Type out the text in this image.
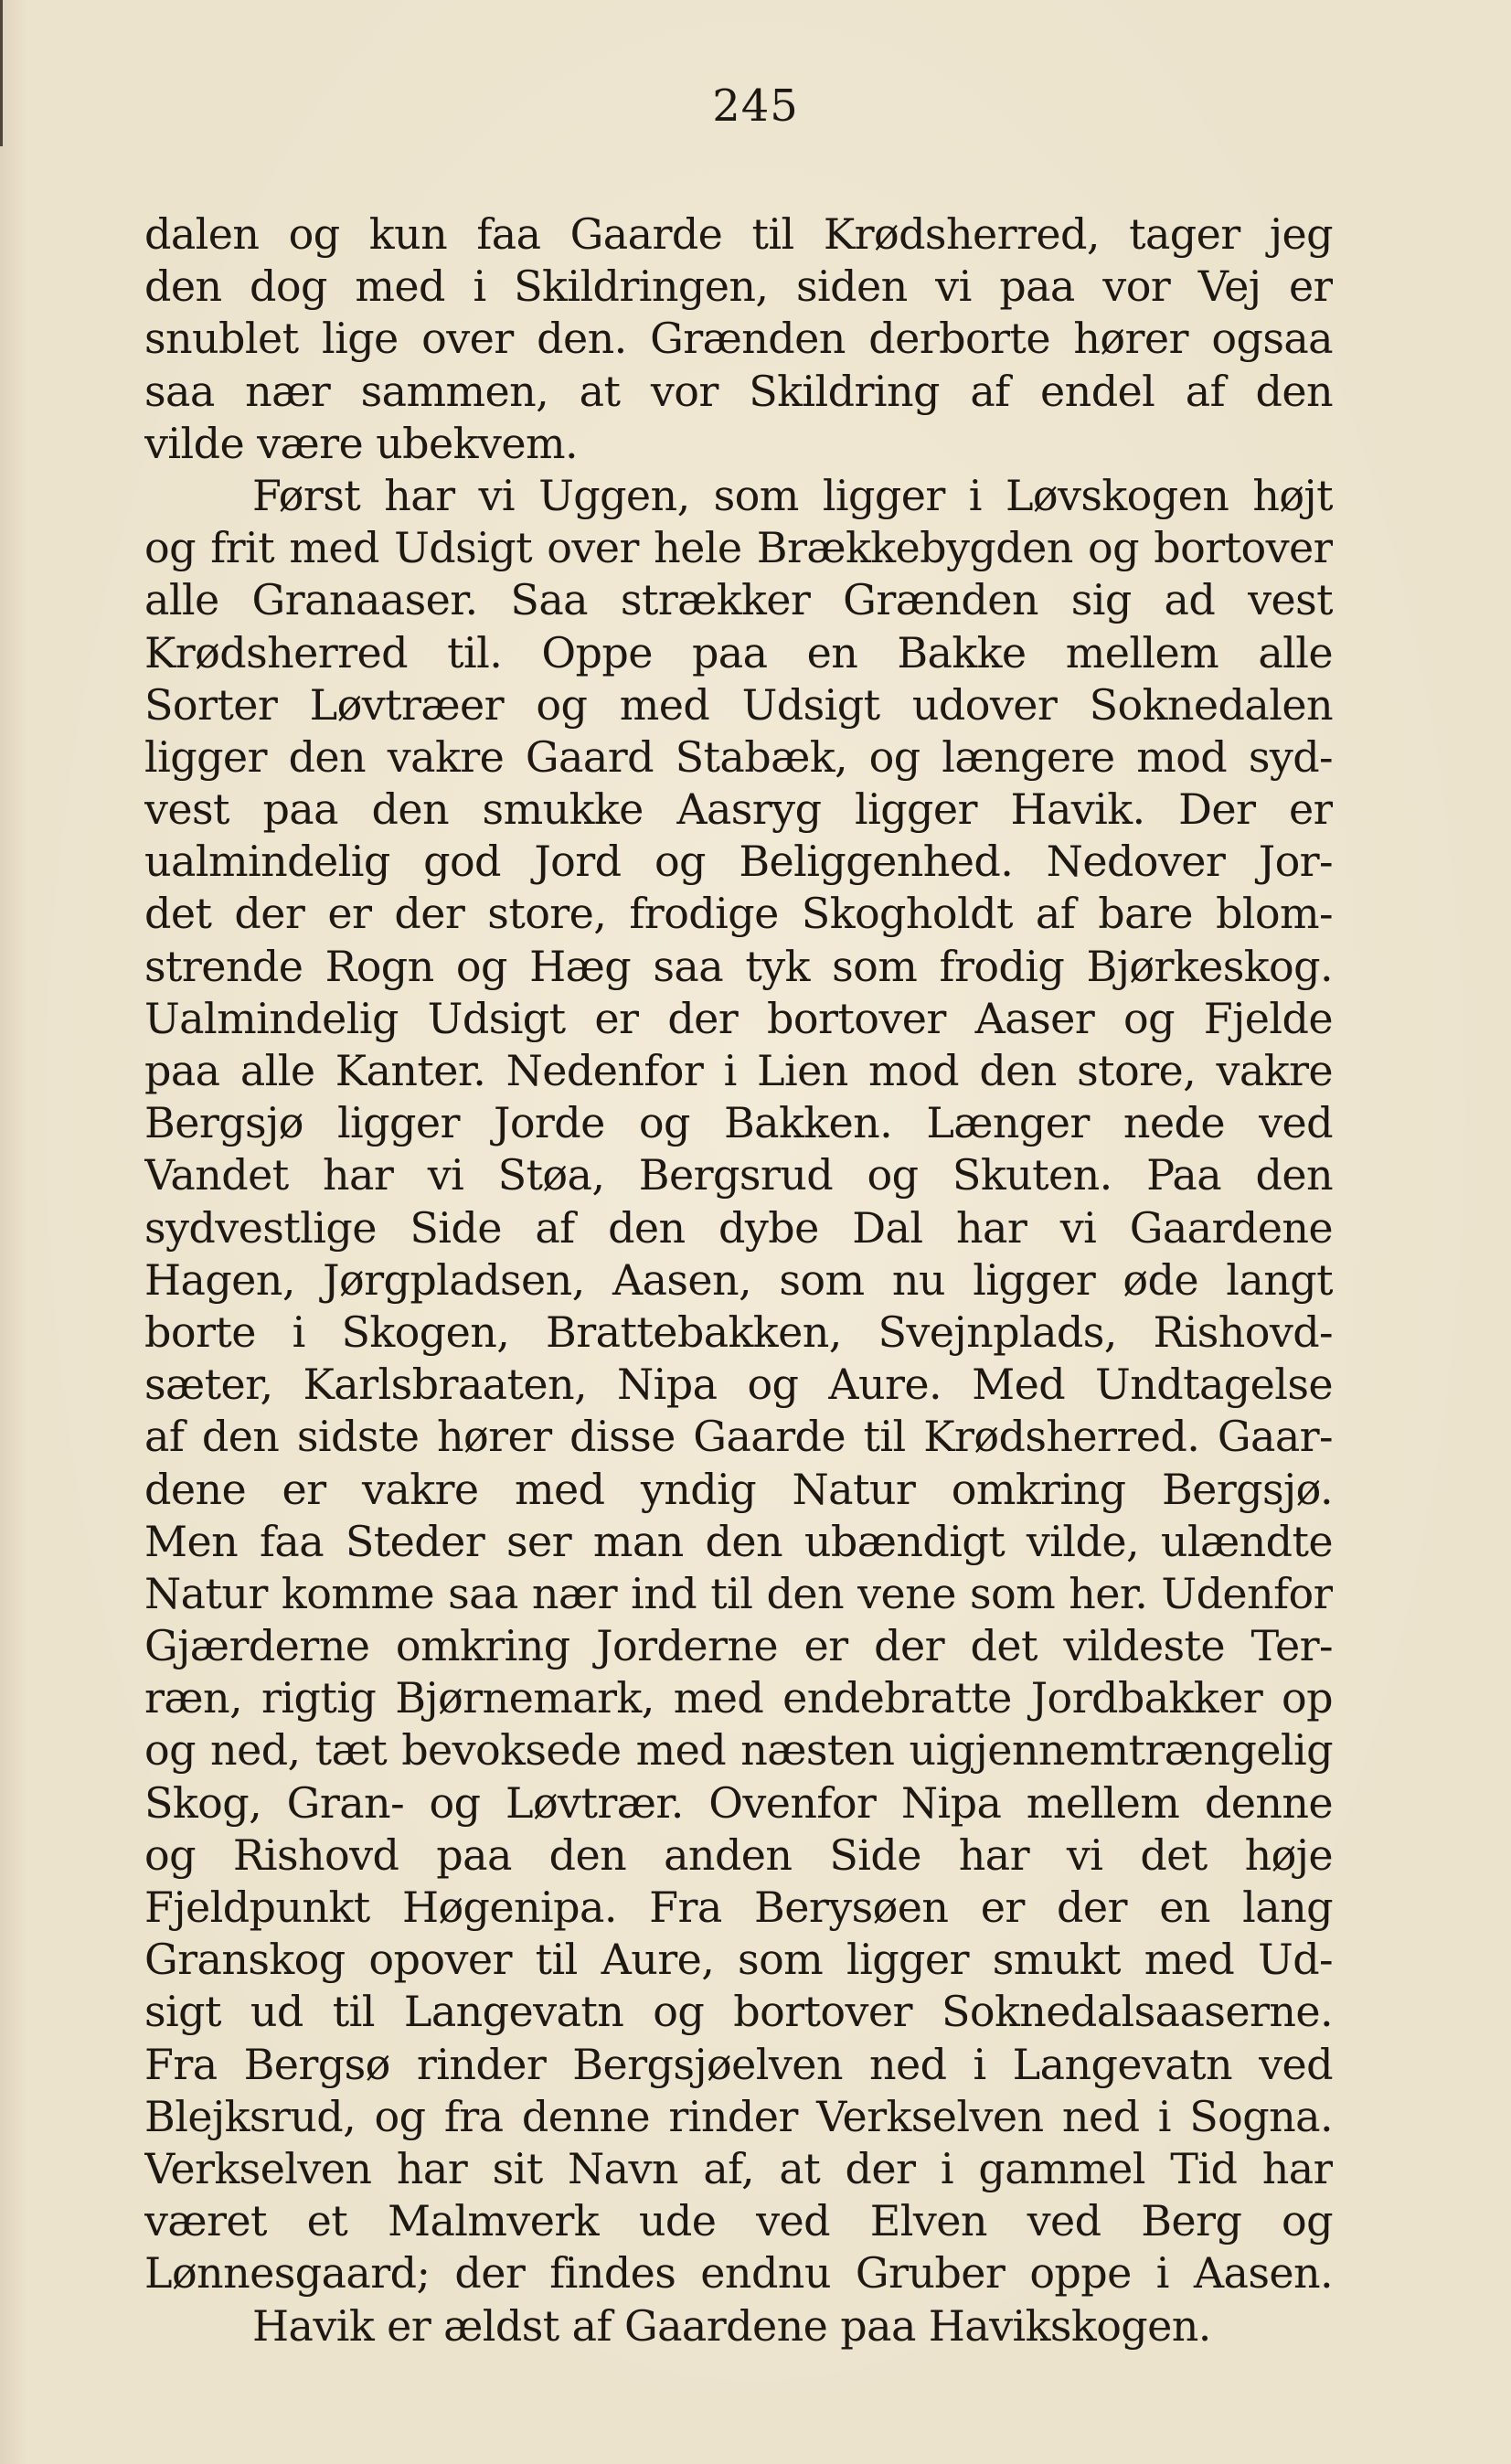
245
dalen og kun faa Gaarde til Krødsherred, tager jeg
den dog med i Skildringen, siden vi paa vor Vej er
snublet lige over den. Grænden derborte hører ogsaa
saa nær sammen, at vor Skildring af endel af den
vilde være ubekvem.
Først har vi Uggen, som ligger i Løvskogen højt
og frit med Udsigt over hele Brækkebygden og bortover
alle Granaaser. Saa strækker Grænden sig ad vest
Krødsherred til. Oppe paa en Bakke mellem alle
Sorter Løvtræer og med Udsigt udover Soknedalen
ligger den vakre Gaard Stabæk, og længere mod syd-
vest paa den smukke Aasryg ligger Havik. Der er
ualmindelig god Jord og Beliggenhed. Nedover Jor-
det der er der store, frodige Skogholdt af bare blom-
strende Rogn og Hæg saa tyk som frodig Bjørkeskog.
Ualmindelig Udsigt er der bortover Aaser og Fjelde
paa alle Kanter. Nedenfor i Lien mod den store, vakre
Bergsjø ligger Jorde og Bakken. Længer nede ved
Vandet har vi Støa, Bergsrud og Skuten. Paa den
sydvestlige Side af den dybe Dal har vi Gaardene
Hagen, Jørgpladsen, Aasen, som nu ligger øde langt
borte i Skogen, Brattebakken, Svejnplads, Rishovd-
sæter, Karlsbraaten, Nipa og Aure. Med Undtagelse
af den sidste hører disse Gaarde til Krødsherred. Gaar-
dene er vakre med yndig Natur omkring Bergsjø.
Men faa Steder ser man den ubændigt vilde, ulændte
Natur komme saa nær ind til den vene som her. Udenfor
Gjærderne omkring Jorderne er der det vildeste Ter-
ræn, rigtig Bjørnemark, med endebratte Jordbakker op
og ned, tæt bevoksede med næsten uigjennemtrængelig
Skog, Gran- og Løvtrær. Ovenfor Nipa mellem denne
og Rishovd paa den anden Side har vi det høje
Fjeldpunkt Høgenipa. Fra Berysøen er der en lang
Granskog opover til Aure, som ligger smukt med Ud-
sigt ud til Langevatn og bortover Soknedalsaaserne.
Fra Bergsø rinder Bergsjøelven ned i Langevatn ved
Blejksrud, og fra denne rinder Verkselven ned i Sogna.
Verkselven har sit Navn af, at der i gammel Tid har
været et Malmverk ude ved Elven ved Berg og
Lønnesgaard; der findes endnu Gruber oppe i Aasen.
Havik er ældst af Gaardene paa Havikskogen.
